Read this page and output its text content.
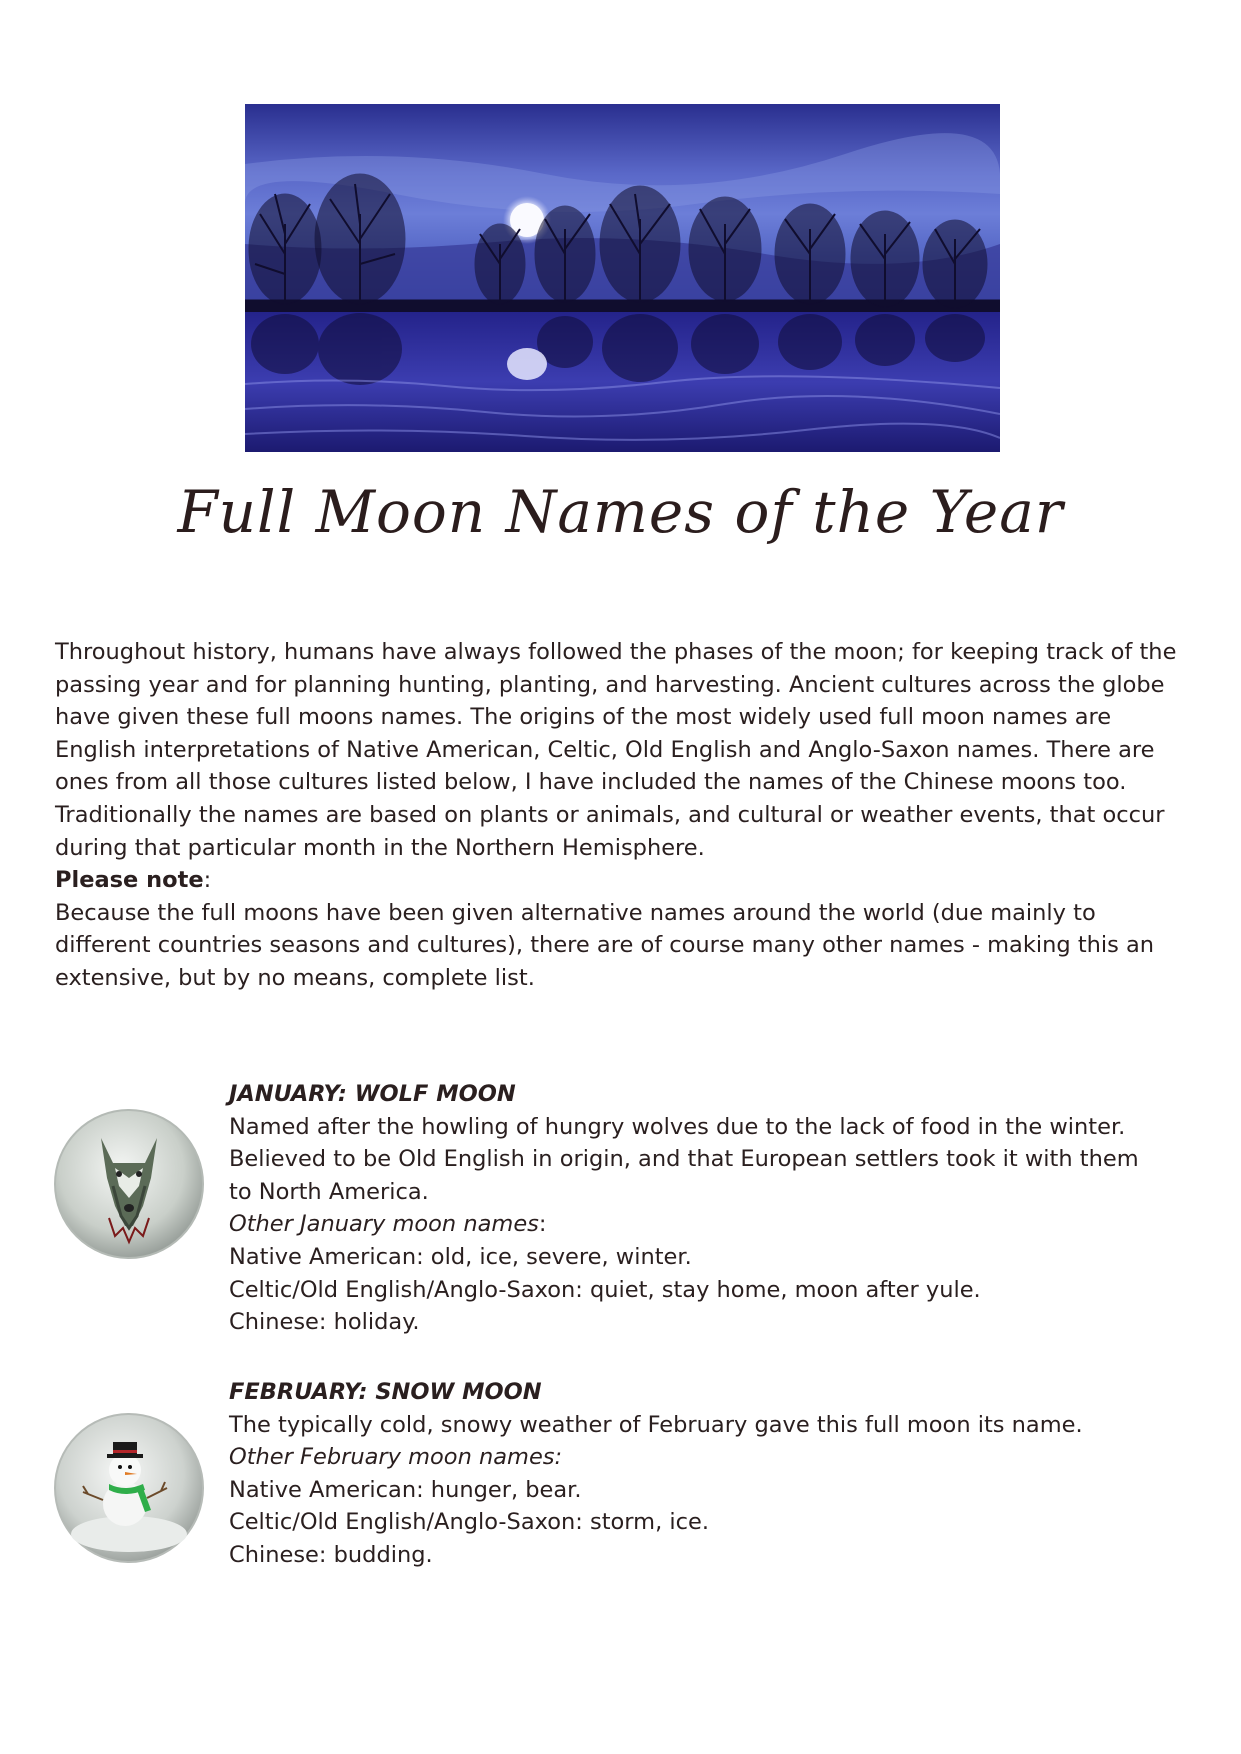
Full Moon Names of the Year

Throughout history, humans have always followed the phases of the moon; for keeping track of the passing year and for planning hunting, planting, and harvesting. Ancient cultures across the globe have given these full moons names. The origins of the most widely used full moon names are English interpretations of Native American, Celtic, Old English and Anglo-Saxon names. There are ones from all those cultures listed below, I have included the names of the Chinese moons too. Traditionally the names are based on plants or animals, and cultural or weather events, that occur during that particular month in the Northern Hemisphere.

Please note:

Because the full moons have been given alternative names around the world (due mainly to different countries seasons and cultures), there are of course many other names - making this an extensive, but by no means, complete list.

JANUARY: WOLF MOON
Named after the howling of hungry wolves due to the lack of food in the winter.
Believed to be Old English in origin, and that European settlers took it with them
to North America.
Other January moon names:
Native American: old, ice, severe, winter.
Celtic/Old English/Anglo-Saxon: quiet, stay home, moon after yule.
Chinese: holiday.
FEBRUARY: SNOW MOON
The typically cold, snowy weather of February gave this full moon its name.
Other February moon names:
Native American: hunger, bear.
Celtic/Old English/Anglo-Saxon: storm, ice.
Chinese: budding.
